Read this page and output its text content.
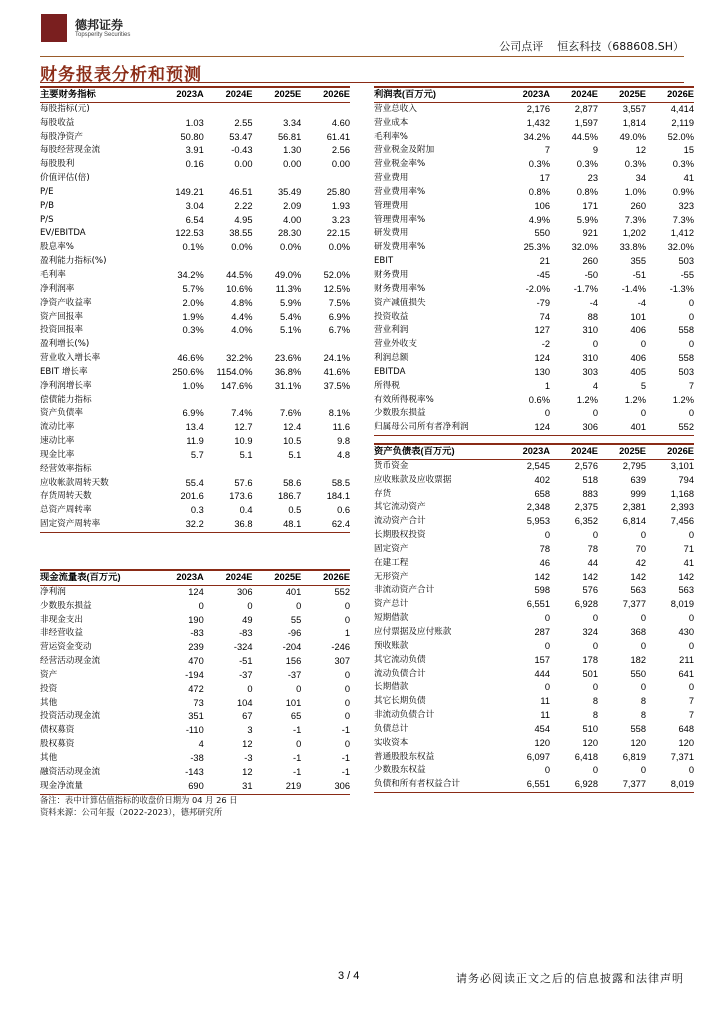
德邦证券
Topsperity Securities
公司点评 恒玄科技（688608.SH）
财务报表分析和预测
主要财务指标	2023A	2024E	2025E	2026E
每股指标(元)				
每股收益	1.03	2.55	3.34	4.60
每股净资产	50.80	53.47	56.81	61.41
每股经营现金流	3.91	-0.43	1.30	2.56
每股股利	0.16	0.00	0.00	0.00
价值评估(倍)				
P/E	149.21	46.51	35.49	25.80
P/B	3.04	2.22	2.09	1.93
P/S	6.54	4.95	4.00	3.23
EV/EBITDA	122.53	38.55	28.30	22.15
股息率%	0.1%	0.0%	0.0%	0.0%
盈利能力指标(%)				
毛利率	34.2%	44.5%	49.0%	52.0%
净利润率	5.7%	10.6%	11.3%	12.5%
净资产收益率	2.0%	4.8%	5.9%	7.5%
资产回报率	1.9%	4.4%	5.4%	6.9%
投资回报率	0.3%	4.0%	5.1%	6.7%
盈利增长(%)				
营业收入增长率	46.6%	32.2%	23.6%	24.1%
EBIT 增长率	250.6%	1154.0%	36.8%	41.6%
净利润增长率	1.0%	147.6%	31.1%	37.5%
偿债能力指标				
资产负债率	6.9%	7.4%	7.6%	8.1%
流动比率	13.4	12.7	12.4	11.6
速动比率	11.9	10.9	10.5	9.8
现金比率	5.7	5.1	5.1	4.8
经营效率指标				
应收帐款周转天数	55.4	57.6	58.6	58.5
存货周转天数	201.6	173.6	186.7	184.1
总资产周转率	0.3	0.4	0.5	0.6
固定资产周转率	32.2	36.8	48.1	62.4
现金流量表(百万元)	2023A	2024E	2025E	2026E
净利润	124	306	401	552
少数股东损益	0	0	0	0
非现金支出	190	49	55	0
非经营收益	-83	-83	-96	1
营运资金变动	239	-324	-204	-246
经营活动现金流	470	-51	156	307
资产	-194	-37	-37	0
投资	472	0	0	0
其他	73	104	101	0
投资活动现金流	351	67	65	0
债权募资	-110	3	-1	-1
股权募资	4	12	0	0
其他	-38	-3	-1	-1
融资活动现金流	-143	12	-1	-1
现金净流量	690	31	219	306
利润表(百万元)	2023A	2024E	2025E	2026E
营业总收入	2,176	2,877	3,557	4,414
营业成本	1,432	1,597	1,814	2,119
毛利率%	34.2%	44.5%	49.0%	52.0%
营业税金及附加	7	9	12	15
营业税金率%	0.3%	0.3%	0.3%	0.3%
营业费用	17	23	34	41
营业费用率%	0.8%	0.8%	1.0%	0.9%
管理费用	106	171	260	323
管理费用率%	4.9%	5.9%	7.3%	7.3%
研发费用	550	921	1,202	1,412
研发费用率%	25.3%	32.0%	33.8%	32.0%
EBIT	21	260	355	503
财务费用	-45	-50	-51	-55
财务费用率%	-2.0%	-1.7%	-1.4%	-1.3%
资产减值损失	-79	-4	-4	0
投资收益	74	88	101	0
营业利润	127	310	406	558
营业外收支	-2	0	0	0
利润总额	124	310	406	558
EBITDA	130	303	405	503
所得税	1	4	5	7
有效所得税率%	0.6%	1.2%	1.2%	1.2%
少数股东损益	0	0	0	0
归属母公司所有者净利润	124	306	401	552
资产负债表(百万元)	2023A	2024E	2025E	2026E
货币资金	2,545	2,576	2,795	3,101
应收账款及应收票据	402	518	639	794
存货	658	883	999	1,168
其它流动资产	2,348	2,375	2,381	2,393
流动资产合计	5,953	6,352	6,814	7,456
长期股权投资	0	0	0	0
固定资产	78	78	70	71
在建工程	46	44	42	41
无形资产	142	142	142	142
非流动资产合计	598	576	563	563
资产总计	6,551	6,928	7,377	8,019
短期借款	0	0	0	0
应付票据及应付账款	287	324	368	430
预收账款	0	0	0	0
其它流动负债	157	178	182	211
流动负债合计	444	501	550	641
长期借款	0	0	0	0
其它长期负债	11	8	8	7
非流动负债合计	11	8	8	7
负债总计	454	510	558	648
实收资本	120	120	120	120
普通股股东权益	6,097	6,418	6,819	7,371
少数股东权益	0	0	0	0
负债和所有者权益合计	6,551	6,928	7,377	8,019
备注：表中计算估值指标的收盘价日期为 04 月 26 日
资料来源：公司年报（2022-2023），德邦研究所
3 / 4	请务必阅读正文之后的信息披露和法律声明
